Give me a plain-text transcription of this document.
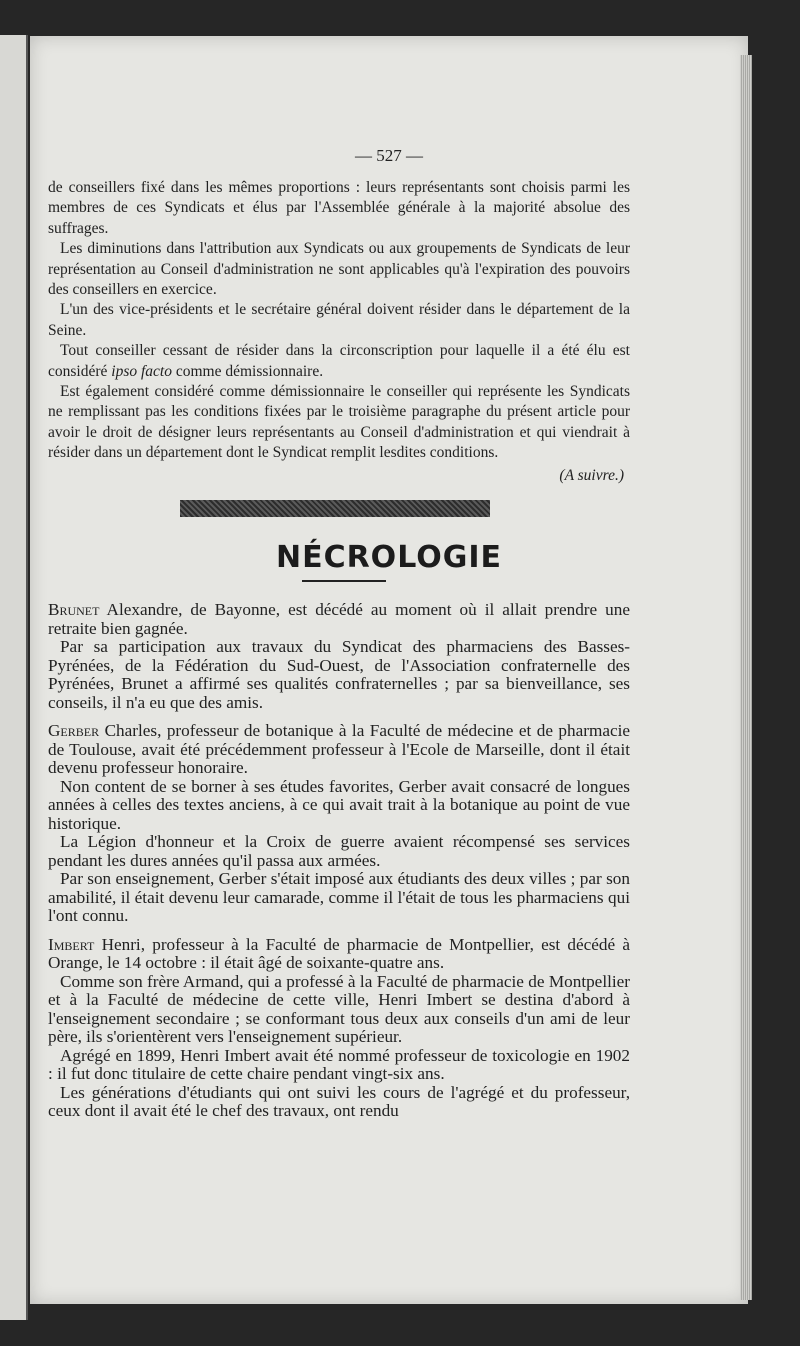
— 527 —

de conseillers fixé dans les mêmes proportions : leurs représentants sont choisis parmi les membres de ces Syndicats et élus par l'Assemblée générale à la majorité absolue des suffrages.

Les diminutions dans l'attribution aux Syndicats ou aux groupements de Syndicats de leur représentation au Conseil d'administration ne sont applicables qu'à l'expiration des pouvoirs des conseillers en exercice.

L'un des vice-présidents et le secrétaire général doivent résider dans le département de la Seine.

Tout conseiller cessant de résider dans la circonscription pour laquelle il a été élu est considéré ipso facto comme démissionnaire.

Est également considéré comme démissionnaire le conseiller qui représente les Syndicats ne remplissant pas les conditions fixées par le troisième paragraphe du présent article pour avoir le droit de désigner leurs représentants au Conseil d'administration et qui viendrait à résider dans un département dont le Syndicat remplit lesdites conditions.

(A suivre.)
NÉCROLOGIE

Brunet Alexandre, de Bayonne, est décédé au moment où il allait prendre une retraite bien gagnée.

Par sa participation aux travaux du Syndicat des pharmaciens des Basses-Pyrénées, de la Fédération du Sud-Ouest, de l'Association confraternelle des Pyrénées, Brunet a affirmé ses qualités confraternelles ; par sa bienveillance, ses conseils, il n'a eu que des amis.

Gerber Charles, professeur de botanique à la Faculté de médecine et de pharmacie de Toulouse, avait été précédemment professeur à l'Ecole de Marseille, dont il était devenu professeur honoraire.

Non content de se borner à ses études favorites, Gerber avait consacré de longues années à celles des textes anciens, à ce qui avait trait à la botanique au point de vue historique.

La Légion d'honneur et la Croix de guerre avaient récompensé ses services pendant les dures années qu'il passa aux armées.

Par son enseignement, Gerber s'était imposé aux étudiants des deux villes ; par son amabilité, il était devenu leur camarade, comme il l'était de tous les pharmaciens qui l'ont connu.

Imbert Henri, professeur à la Faculté de pharmacie de Montpellier, est décédé à Orange, le 14 octobre : il était âgé de soixante-quatre ans.

Comme son frère Armand, qui a professé à la Faculté de pharmacie de Montpellier et à la Faculté de médecine de cette ville, Henri Imbert se destina d'abord à l'enseignement secondaire ; se conformant tous deux aux conseils d'un ami de leur père, ils s'orientèrent vers l'enseignement supérieur.

Agrégé en 1899, Henri Imbert avait été nommé professeur de toxicologie en 1902 : il fut donc titulaire de cette chaire pendant vingt-six ans.

Les générations d'étudiants qui ont suivi les cours de l'agrégé et du professeur, ceux dont il avait été le chef des travaux, ont rendu
